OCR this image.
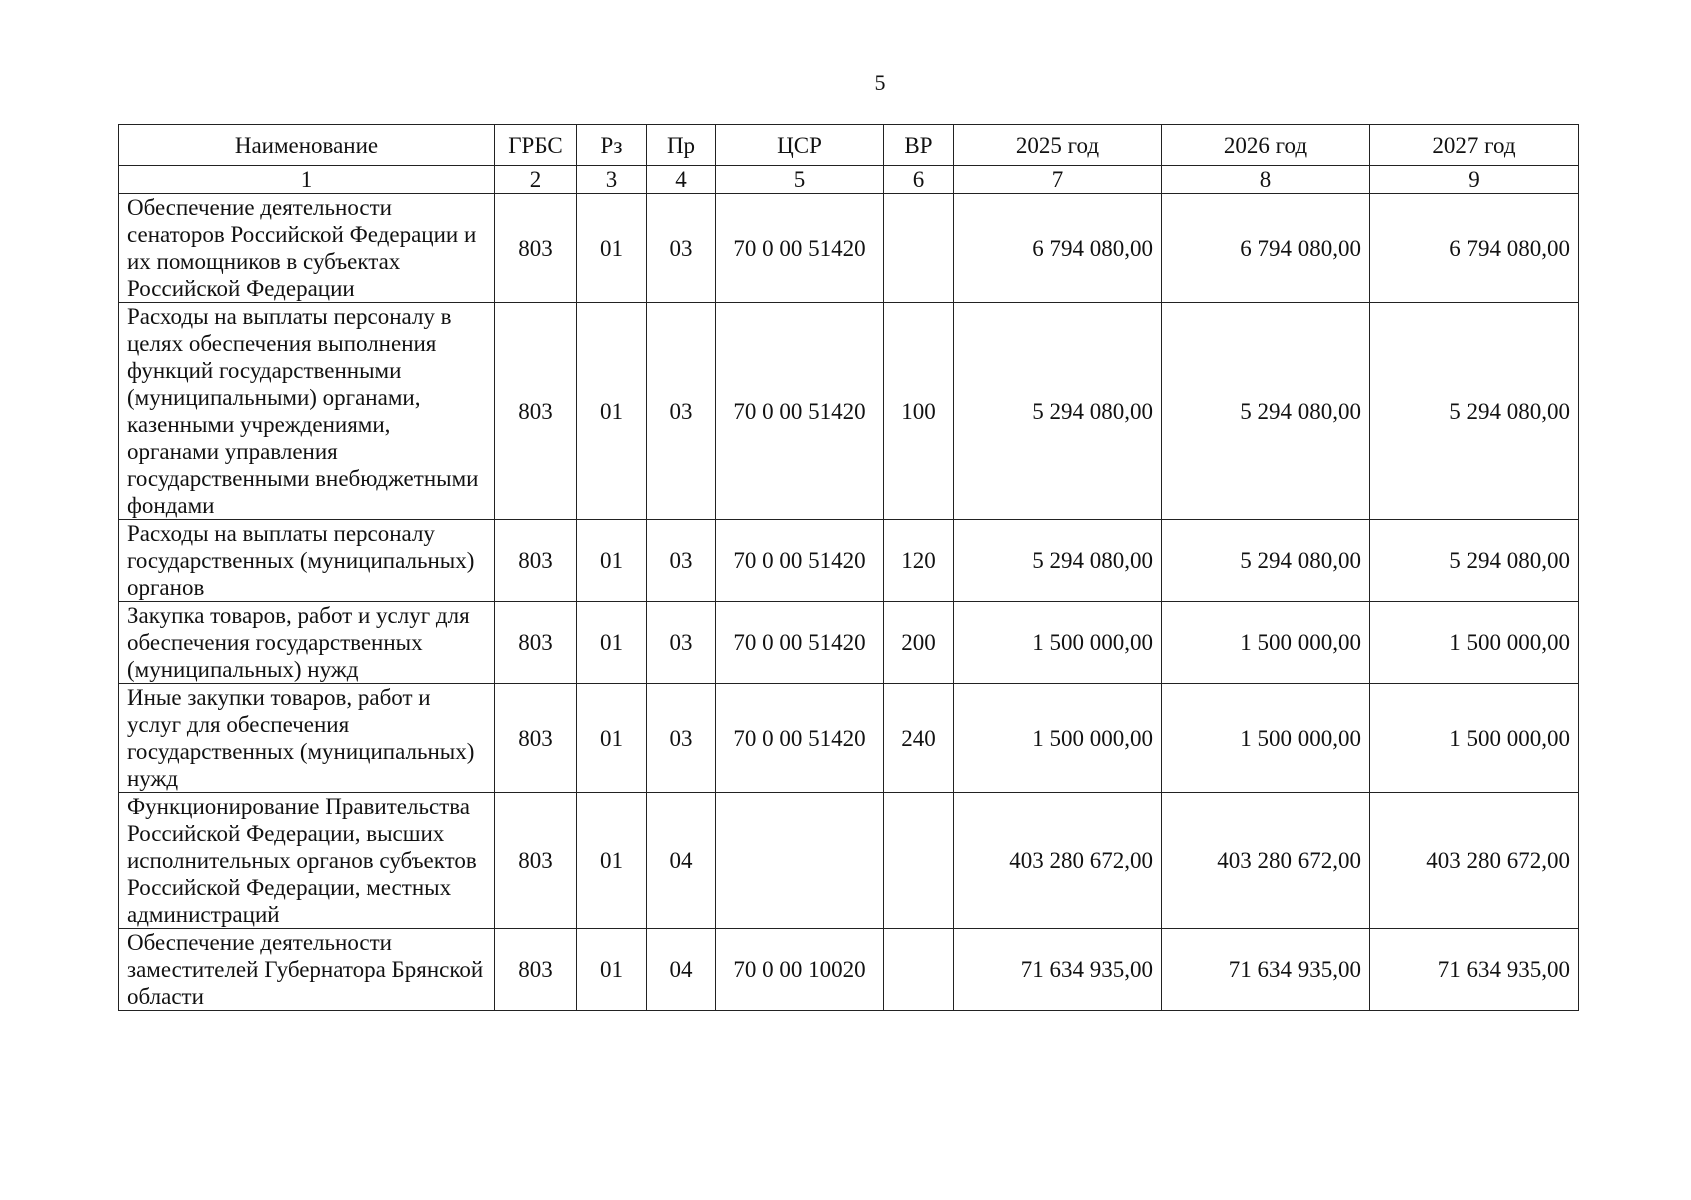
5
Наименование	ГРБС	Рз	Пр	ЦСР	ВР	2025 год	2026 год	2027 год
1	2	3	4	5	6	7	8	9
Обеспечение деятельности сенаторов Российской Федерации и их помощников в субъектах Российской Федерации	803	01	03	70 0 00 51420		6 794 080,00	6 794 080,00	6 794 080,00
Расходы на выплаты персоналу в целях обеспечения выполнения функций государственными (муниципальными) органами, казенными учреждениями, органами управления государственными внебюджетными фондами	803	01	03	70 0 00 51420	100	5 294 080,00	5 294 080,00	5 294 080,00
Расходы на выплаты персоналу государственных (муниципальных) органов	803	01	03	70 0 00 51420	120	5 294 080,00	5 294 080,00	5 294 080,00
Закупка товаров, работ и услуг для обеспечения государственных (муниципальных) нужд	803	01	03	70 0 00 51420	200	1 500 000,00	1 500 000,00	1 500 000,00
Иные закупки товаров, работ и услуг для обеспечения государственных (муниципальных) нужд	803	01	03	70 0 00 51420	240	1 500 000,00	1 500 000,00	1 500 000,00
Функционирование Правительства Российской Федерации, высших исполнительных органов субъектов Российской Федерации, местных администраций	803	01	04			403 280 672,00	403 280 672,00	403 280 672,00
Обеспечение деятельности заместителей Губернатора Брянской области	803	01	04	70 0 00 10020		71 634 935,00	71 634 935,00	71 634 935,00
